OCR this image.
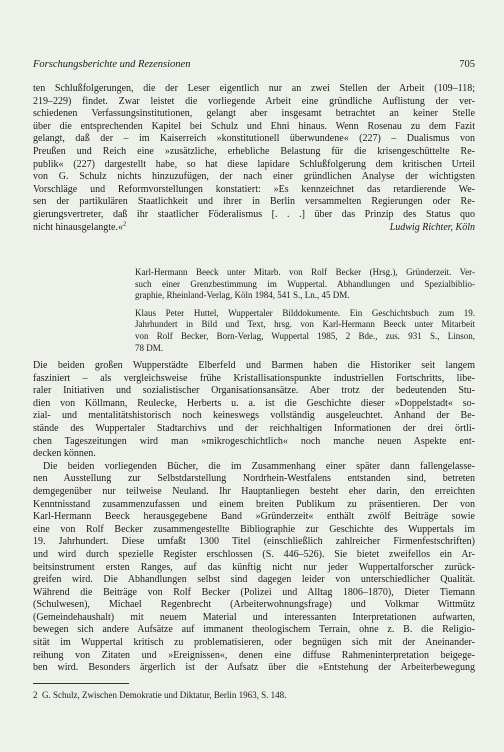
Forschungsberichte und Rezensionen	705
ten Schlußfolgerungen, die der Leser eigentlich nur an zwei Stellen der Arbeit (109–118;
219–229) findet. Zwar leistet die vorliegende Arbeit eine gründliche Auflistung der ver-
schiedenen Verfassungsinstitutionen, gelangt aber insgesamt betrachtet an keiner Stelle
über die entsprechenden Kapitel bei Schulz und Ehni hinaus. Wenn Rosenau zu dem Fazit
gelangt, daß der – im Kaiserreich »konstitutionell überwundene« (227) – Dualismus von
Preußen und Reich eine »zusätzliche, erhebliche Belastung für die krisengeschüttelte Re-
publik« (227) dargestellt habe, so hat diese lapidare Schlußfolgerung dem kritischen Urteil
von G. Schulz nichts hinzuzufügen, der nach einer gründlichen Analyse der wichtigsten
Vorschläge und Reformvorstellungen konstatiert: »Es kennzeichnet das retardierende We-
sen der partikulären Staatlichkeit und ihrer in Berlin versammelten Regierungen oder Re-
gierungsvertreter, daß ihr staatlicher Föderalismus [. . .] über das Prinzip des Status quo
nicht hinausgelangte.«$^2$	Ludwig Richter, Köln
Karl-Hermann Beeck unter Mitarb. von Rolf Becker (Hrsg.), Gründerzeit. Ver-
such einer Grenzbestimmung im Wuppertal. Abhandlungen und Spezialbiblio-
graphie, Rheinland-Verlag, Köln 1984, 541 S., Ln., 45 DM.
Klaus Peter Huttel, Wuppertaler Bilddokumente. Ein Geschichtsbuch zum 19.
Jahrhundert in Bild und Text, hrsg. von Karl-Hermann Beeck unter Mitarbeit
von Rolf Becker, Born-Verlag, Wuppertal 1985, 2 Bde., zus. 931 S., Linson,
78 DM.
Die beiden großen Wupperstädte Elberfeld und Barmen haben die Historiker seit langem
fasziniert – als vergleichsweise frühe Kristallisationspunkte industriellen Fortschritts, libe-
raler Initiativen und sozialistischer Organisationsansätze. Aber trotz der bedeutenden Stu-
dien von Köllmann, Reulecke, Herberts u. a. ist die Geschichte dieser »Doppelstadt« so-
zial- und mentalitätshistorisch noch keineswegs vollständig ausgeleuchtet. Anhand der Be-
stände des Wuppertaler Stadtarchivs und der reichhaltigen Informationen der drei örtli-
chen Tageszeitungen wird man »mikrogeschichtlich« noch manche neuen Aspekte ent-
decken können.
Die beiden vorliegenden Bücher, die im Zusammenhang einer später dann fallengelasse-
nen Ausstellung zur Selbstdarstellung Nordrhein-Westfalens entstanden sind, betreten
demgegenüber nur teilweise Neuland. Ihr Hauptanliegen besteht eher darin, den erreichten
Kenntnisstand zusammenzufassen und einem breiten Publikum zu präsentieren. Der von
Karl-Hermann Beeck herausgegebene Band »Gründerzeit« enthält zwölf Beiträge sowie
eine von Rolf Becker zusammengestellte Bibliographie zur Geschichte des Wuppertals im
19. Jahrhundert. Diese umfaßt 1300 Titel (einschließlich zahlreicher Firmenfestschriften)
und wird durch spezielle Register erschlossen (S. 446–526). Sie bietet zweifellos ein Ar-
beitsinstrument ersten Ranges, auf das künftig nicht nur jeder Wuppertalforscher zurück-
greifen wird. Die Abhandlungen selbst sind dagegen leider von unterschiedlicher Qualität.
Während die Beiträge von Rolf Becker (Polizei und Alltag 1806–1870), Dieter Tiemann
(Schulwesen), Michael Regenbrecht (Arbeiterwohnungsfrage) und Volkmar Wittmütz
(Gemeindehaushalt) mit neuem Material und interessanten Interpretationen aufwarten,
bewegen sich andere Aufsätze auf immanent theologischem Terrain, ohne z. B. die Religio-
sität im Wuppertal kritisch zu problematisieren, oder begnügen sich mit der Aneinander-
reihung von Zitaten und »Ereignissen«, denen eine diffuse Rahmeninterpretation beigege-
ben wird. Besonders ärgerlich ist der Aufsatz über die »Entstehung der Arbeiterbewegung
2 G. Schulz, Zwischen Demokratie und Diktatur, Berlin 1963, S. 148.
